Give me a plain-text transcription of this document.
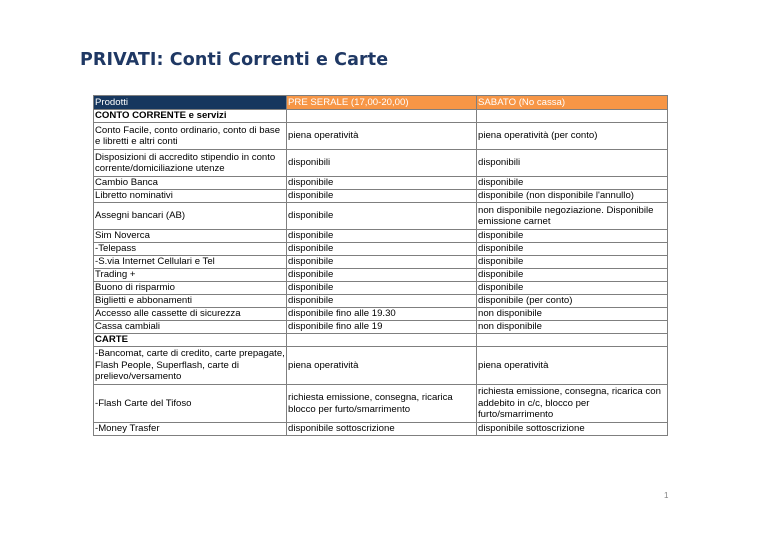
PRIVATI: Conti Correnti e Carte
Prodotti	PRE SERALE (17,00-20,00)	SABATO (No cassa)
CONTO CORRENTE e servizi		
Conto Facile, conto ordinario, conto di base e libretti e altri conti	piena operatività	piena operatività (per conto)
Disposizioni di accredito stipendio in conto corrente/domiciliazione utenze	disponibili	disponibili
Cambio Banca	disponibile	disponibile
Libretto nominativi	disponibile	disponibile (non disponibile l'annullo)
Assegni bancari (AB)	disponibile	non disponibile negoziazione. Disponibile emissione carnet
Sim Noverca	disponibile	disponibile
-Telepass	disponibile	disponibile
-S.via Internet Cellulari e Tel	disponibile	disponibile
Trading +	disponibile	disponibile
Buono di risparmio	disponibile	disponibile
Biglietti e abbonamenti	disponibile	disponibile (per conto)
Accesso alle cassette di sicurezza	disponibile fino alle 19.30	non disponibile
Cassa cambiali	disponibile fino alle 19	non disponibile
CARTE		
-Bancomat, carte di credito, carte prepagate, Flash People, Superflash, carte di prelievo/versamento	piena operatività	piena operatività
-Flash Carte del Tifoso	richiesta emissione, consegna, ricarica blocco per furto/smarrimento	richiesta emissione, consegna, ricarica con addebito in c/c, blocco per furto/smarrimento
-Money Trasfer	disponibile sottoscrizione	disponibile sottoscrizione
1
